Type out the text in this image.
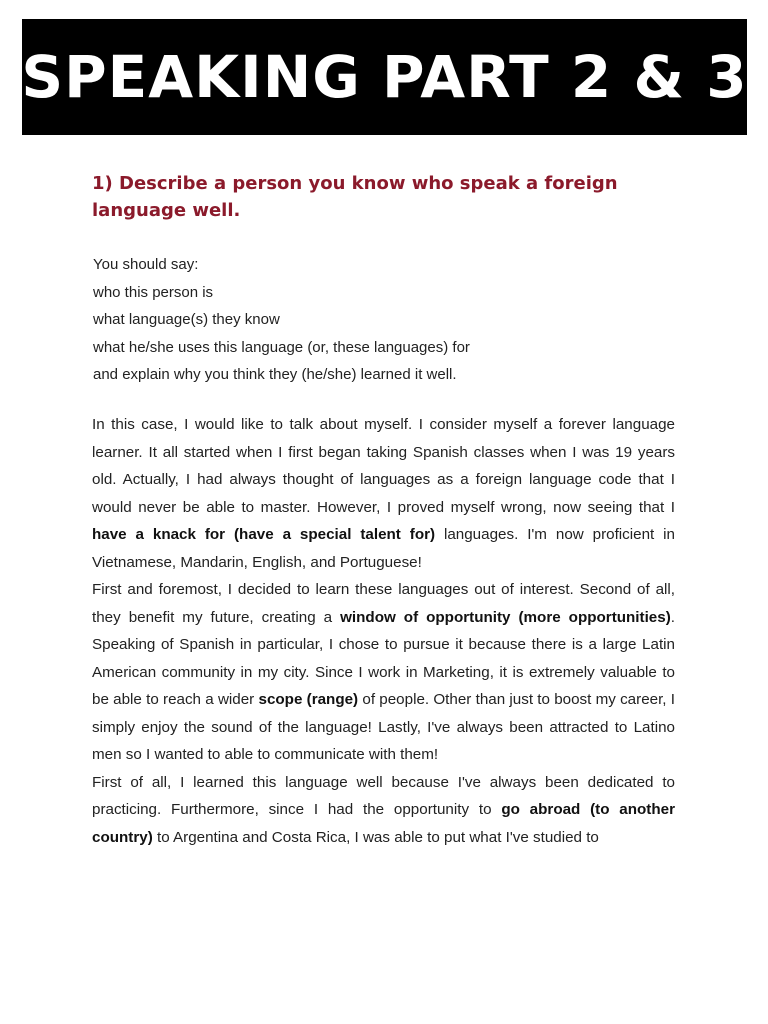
SPEAKING PART 2 & 3
1) Describe a person you know who speak a foreign language well.
You should say:
who this person is
what language(s) they know
what he/she uses this language (or, these languages) for
and explain why you think they (he/she) learned it well.

In this case, I would like to talk about myself. I consider myself a forever language learner. It all started when I first began taking Spanish classes when I was 19 years old. Actually, I had always thought of languages as a foreign language code that I would never be able to master. However, I proved myself wrong, now seeing that I have a knack for (have a special talent for) languages. I'm now proficient in Vietnamese, Mandarin, English, and Portuguese!

First and foremost, I decided to learn these languages out of interest. Second of all, they benefit my future, creating a window of opportunity (more opportunities). Speaking of Spanish in particular, I chose to pursue it because there is a large Latin American community in my city. Since I work in Marketing, it is extremely valuable to be able to reach a wider scope (range) of people. Other than just to boost my career, I simply enjoy the sound of the language! Lastly, I've always been attracted to Latino men so I wanted to able to communicate with them!

First of all, I learned this language well because I've always been dedicated to practicing. Furthermore, since I had the opportunity to go abroad (to another country) to Argentina and Costa Rica, I was able to put what I've studied to
